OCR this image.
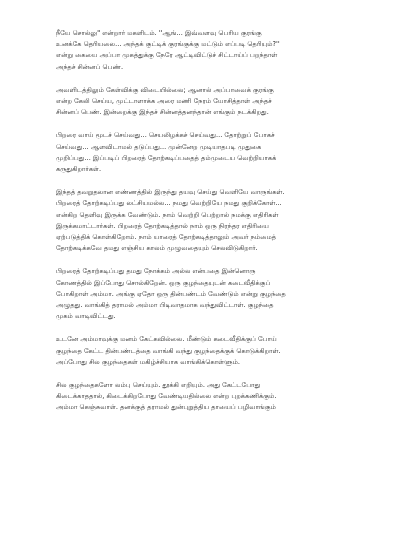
நீயே சொல்லு" என்றார் மகளிடம். ''ஆங்... இவ்வளவு பெரிய குரங்கு
உனக்கே தெரியலை... அந்தக் குட்டிக் குரங்குக்கு மட்டும் எப்படி தெரியும்?''
என்று கையை அப்பா முகத்துக்கு நேரே ஆட்டிவிட்டுச் சிட்டாய்ப் பறந்தாள்
அந்தச் சின்னப் பெண்.
அவளிடத்திலும் கேள்விக்கு விடையில்லை; ஆனால் அப்பாவைக் குரங்கு
என்ற கேலி செய்ய, முட்டாளாக்க அரை மணி நேரம் யோசித்தாள் அந்தச்
சின்னப் பெண். இன்றைக்கு இந்தச் சின்னத்தனந்தான் எங்கும் நடக்கிறது.
பிறரை வாய் மூடச் செய்வது... செயலிழக்கச் செய்வது... தோற்றுப் போகச்
செய்வது... ஆளவிடாமல் தடுப்பது... முன்னேற முடியாதபடி முதுகை
முறிப்பது... இப்படிப் பிறரைத் தோற்கடிப்பதைத் தம்முடைய வெற்றியாகக்
கருதுகிறார்கள்.
இந்தத் தவறுதலான எண்ணத்தில் இருந்து தயவு செய்து வெளியே வாருங்கள்.
பிறரைத் தோற்கடிப்பது லட்சியமல்ல... நமது வெற்றியே நமது குறிக்கோள்...
என்கிற தெளிவு இருக்க வேண்டும். நாம் வெற்றி பெற்றால் நமக்கு எதிரிகள்
இருக்கமாட்டார்கள். பிறரைத் தோற்கடித்தால் நாம் ஒரு நிரந்தர எதிரியை
ஏற்படுத்திக் கொள்கிறோம். நாம் யாரைத் தோற்கடித்தாலும் அவர் நம்மைத்
தோற்கடிக்கவே தமது எஞ்சிய காலம் முழுவதையும் செலவிடுகிறார்.
பிறரைத் தோற்கடிப்பது தமது நோக்கம் அல்ல என்பதை இன்னொரு
கோணத்தில் இப்போது சொல்கிறேன். ஒரு குழந்தையுடன் கடைவீதிக்குப்
போகிறாள் அம்மா. அங்கு ஏதோ ஒரு தின்பண்டம் வேண்டும் என்று குழந்தை
அழுதது. வாங்கித் தராமல் அம்மா பிடிவாதமாக வந்துவிட்டாள். குழந்தை
முகம் வாடிவிட்டது.
உடனே அம்மாவுக்கு மனம் கேட்கவில்லை. மீண்டும் கடைவீதிக்குப் போய்
குழந்தை கேட்ட தின்பண்டத்தை வாங்கி வந்து குழந்தைக்குக் கொடுக்கிறாள்.
அப்போது சில குழந்தைகள் மகிழ்ச்சியாக வாங்கிக்கொள்ளும்.
சில குழந்தைகளோ லம்பு செய்யும். தூக்கி எறியும். அது கேட்டபோது
கிடைக்காததால், கிடைக்கிறபோது வேண்டியதில்லை என்ற புறக்கணிக்கும்.
அம்மா கெஞ்சுவாள். தனக்குத் தராமல் துன்புறுத்திய தாயைப் பழிவாங்கும்
